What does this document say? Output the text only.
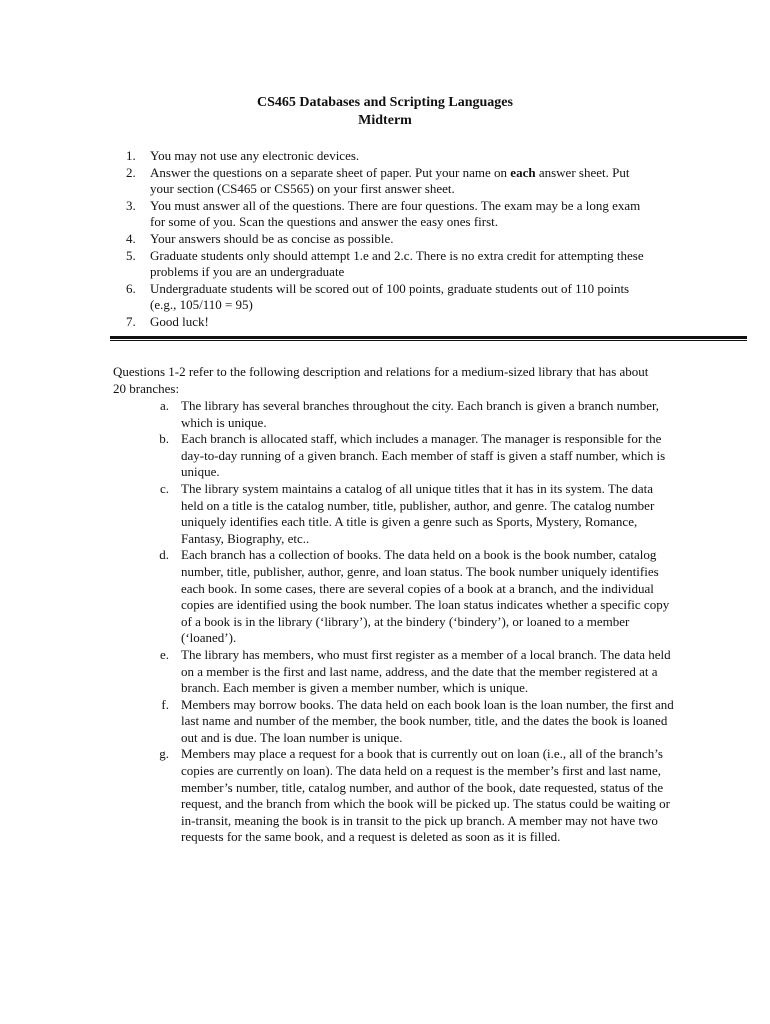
CS465 Databases and Scripting Languages
Midterm
1. You may not use any electronic devices.
2. Answer the questions on a separate sheet of paper. Put your name on each answer sheet. Put your section (CS465 or CS565) on your first answer sheet.
3. You must answer all of the questions. There are four questions. The exam may be a long exam for some of you. Scan the questions and answer the easy ones first.
4. Your answers should be as concise as possible.
5. Graduate students only should attempt 1.e and 2.c. There is no extra credit for attempting these problems if you are an undergraduate
6. Undergraduate students will be scored out of 100 points, graduate students out of 110 points (e.g., 105/110 = 95)
7. Good luck!
Questions 1-2 refer to the following description and relations for a medium-sized library that has about 20 branches:
a. The library has several branches throughout the city. Each branch is given a branch number, which is unique.
b. Each branch is allocated staff, which includes a manager. The manager is responsible for the day-to-day running of a given branch. Each member of staff is given a staff number, which is unique.
c. The library system maintains a catalog of all unique titles that it has in its system. The data held on a title is the catalog number, title, publisher, author, and genre. The catalog number uniquely identifies each title. A title is given a genre such as Sports, Mystery, Romance, Fantasy, Biography, etc..
d. Each branch has a collection of books. The data held on a book is the book number, catalog number, title, publisher, author, genre, and loan status. The book number uniquely identifies each book. In some cases, there are several copies of a book at a branch, and the individual copies are identified using the book number. The loan status indicates whether a specific copy of a book is in the library (‘library’), at the bindery (‘bindery’), or loaned to a member (‘loaned’).
e. The library has members, who must first register as a member of a local branch. The data held on a member is the first and last name, address, and the date that the member registered at a branch. Each member is given a member number, which is unique.
f. Members may borrow books. The data held on each book loan is the loan number, the first and last name and number of the member, the book number, title, and the dates the book is loaned out and is due. The loan number is unique.
g. Members may place a request for a book that is currently out on loan (i.e., all of the branch’s copies are currently on loan). The data held on a request is the member’s first and last name, member’s number, title, catalog number, and author of the book, date requested, status of the request, and the branch from which the book will be picked up. The status could be waiting or in-transit, meaning the book is in transit to the pick up branch. A member may not have two requests for the same book, and a request is deleted as soon as it is filled.
